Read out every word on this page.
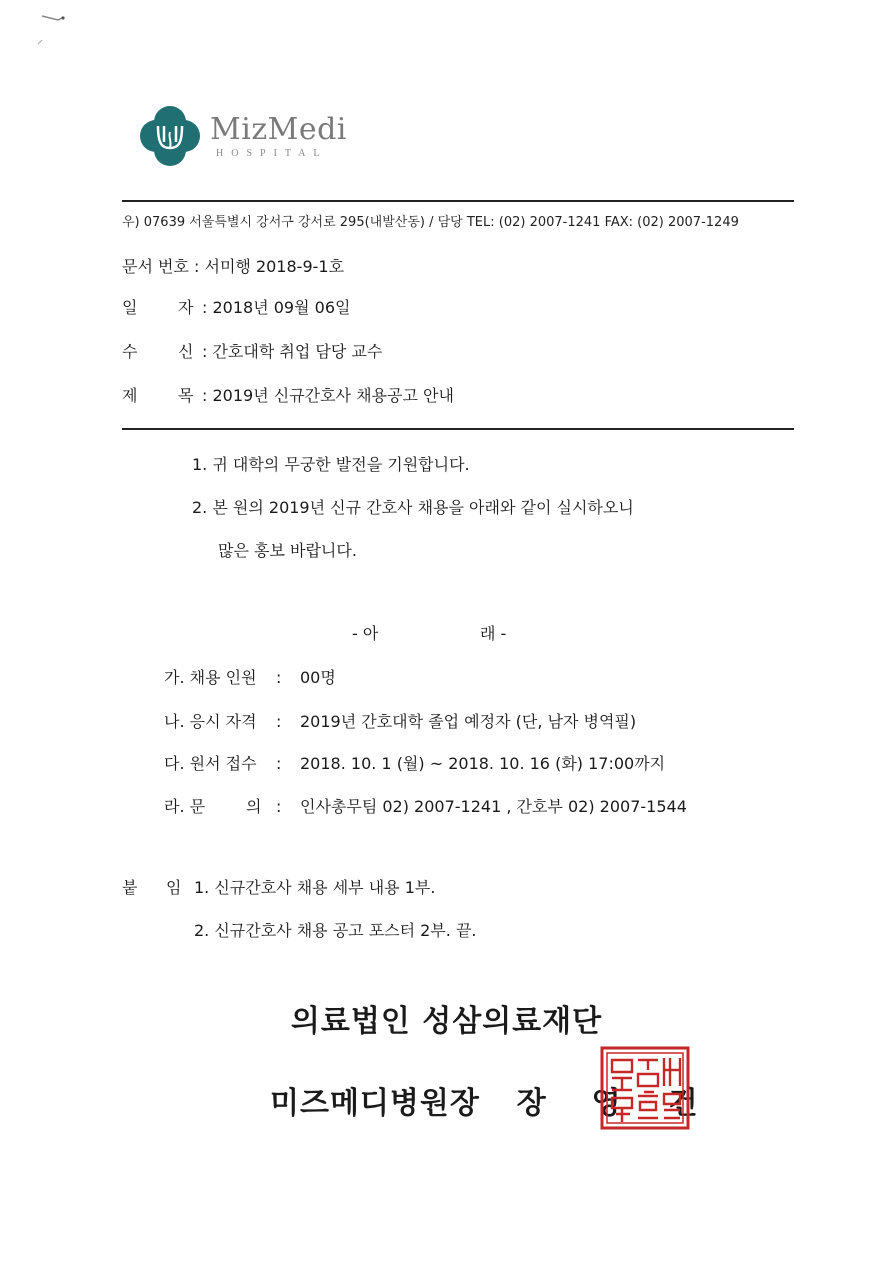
MizMedi
HOSPITAL
우) 07639 서울특별시 강서구 강서로 295(내발산동) / 담당 TEL: (02) 2007-1241 FAX: (02) 2007-1249
문서 번호 : 서미행 2018-9-1호
일	자 : 2018년 09월 06일
수	신 : 간호대학 취업 담당 교수
제	목 : 2019년 신규간호사 채용공고 안내
1. 귀 대학의 무궁한 발전을 기원합니다.
2. 본 원의 2019년 신규 간호사 채용을 아래와 같이 실시하오니
많은 홍보 바랍니다.
- 아	래 -
가. 채용 인원 : 00명
나. 응시 자격 : 2019년 간호대학 졸업 예정자 (단, 남자 병역필)
다. 원서 접수 : 2018. 10. 1 (월) ~ 2018. 10. 16 (화) 17:00까지
라. 문	의 : 인사총무팀 02) 2007-1241 , 간호부 02) 2007-1544
붙 임 1. 신규간호사 채용 세부 내용 1부.
2. 신규간호사 채용 공고 포스터 2부. 끝.
의료법인 성삼의료재단
미즈메디병원장 장 영 건
